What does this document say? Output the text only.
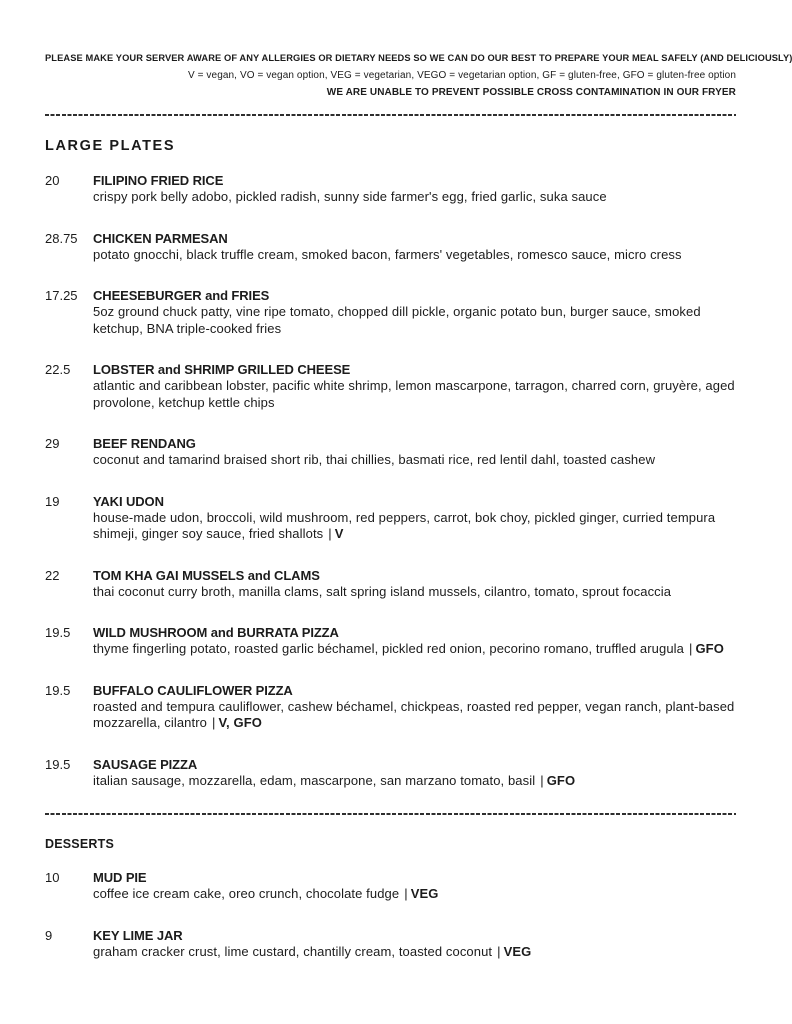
PLEASE MAKE YOUR SERVER AWARE OF ANY ALLERGIES OR DIETARY NEEDS SO WE CAN DO OUR BEST TO PREPARE YOUR MEAL SAFELY (AND DELICIOUSLY)
V = vegan, VO = vegan option, VEG = vegetarian, VEGO = vegetarian option, GF = gluten-free, GFO = gluten-free option
WE ARE UNABLE TO PREVENT POSSIBLE CROSS CONTAMINATION IN OUR FRYER
LARGE PLATES
20	FILIPINO FRIED RICE

crispy pork belly adobo, pickled radish, sunny side farmer's egg, fried garlic, suka sauce

28.75	CHICKEN PARMESAN

potato gnocchi, black truffle cream, smoked bacon, farmers' vegetables, romesco sauce, micro cress

17.25	CHEESEBURGER and FRIES

5oz ground chuck patty, vine ripe tomato, chopped dill pickle, organic potato bun, burger sauce, smoked ketchup, BNA triple-cooked fries

22.5	LOBSTER and SHRIMP GRILLED CHEESE

atlantic and caribbean lobster, pacific white shrimp, lemon mascarpone, tarragon, charred corn, gruyère, aged provolone, ketchup kettle chips

29	BEEF RENDANG

coconut and tamarind braised short rib, thai chillies, basmati rice, red lentil dahl, toasted cashew

19	YAKI UDON

house-made udon, broccoli, wild mushroom, red peppers, carrot, bok choy, pickled ginger, curried tempura shimeji, ginger soy sauce, fried shallots | V

22	TOM KHA GAI MUSSELS and CLAMS

thai coconut curry broth, manilla clams, salt spring island mussels, cilantro, tomato, sprout focaccia

19.5	WILD MUSHROOM and BURRATA PIZZA

thyme fingerling potato, roasted garlic béchamel, pickled red onion, pecorino romano, truffled arugula | GFO

19.5	BUFFALO CAULIFLOWER PIZZA

roasted and tempura cauliflower, cashew béchamel, chickpeas, roasted red pepper, vegan ranch, plant-based mozzarella, cilantro | V, GFO

19.5	SAUSAGE PIZZA

italian sausage, mozzarella, edam, mascarpone, san marzano tomato, basil | GFO

DESSERTS
10	MUD PIE

coffee ice cream cake, oreo crunch, chocolate fudge | VEG

9	KEY LIME JAR

graham cracker crust, lime custard, chantilly cream, toasted coconut | VEG
